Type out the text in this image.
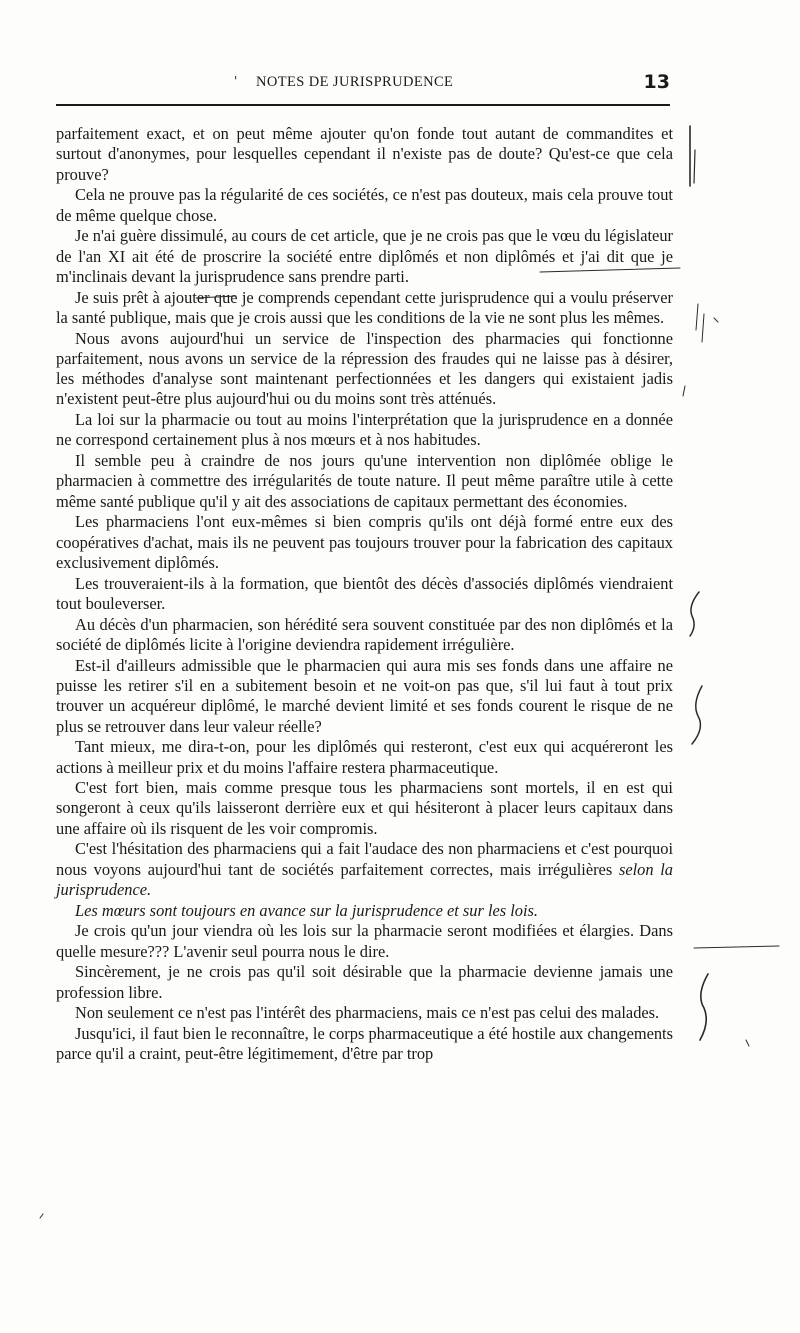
' NOTES DE JURISPRUDENCE	13

parfaitement exact, et on peut même ajouter qu'on fonde tout autant de commandites et surtout d'anonymes, pour lesquelles cependant il n'existe pas de doute? Qu'est-ce que cela prouve?

Cela ne prouve pas la régularité de ces sociétés, ce n'est pas douteux, mais cela prouve tout de même quelque chose.

Je n'ai guère dissimulé, au cours de cet article, que je ne crois pas que le vœu du législateur de l'an XI ait été de proscrire la société entre diplômés et non diplômés et j'ai dit que je m'inclinais devant la jurisprudence sans prendre parti.

Je suis prêt à ajouter que je comprends cependant cette jurisprudence qui a voulu préserver la santé publique, mais que je crois aussi que les conditions de la vie ne sont plus les mêmes.

Nous avons aujourd'hui un service de l'inspection des pharmacies qui fonctionne parfaitement, nous avons un service de la répression des fraudes qui ne laisse pas à désirer, les méthodes d'analyse sont maintenant perfectionnées et les dangers qui existaient jadis n'existent peut-être plus aujourd'hui ou du moins sont très atténués.

La loi sur la pharmacie ou tout au moins l'interprétation que la jurisprudence en a donnée ne correspond certainement plus à nos mœurs et à nos habitudes.

Il semble peu à craindre de nos jours qu'une intervention non diplômée oblige le pharmacien à commettre des irrégularités de toute nature. Il peut même paraître utile à cette même santé publique qu'il y ait des associations de capitaux permettant des économies.

Les pharmaciens l'ont eux-mêmes si bien compris qu'ils ont déjà formé entre eux des coopératives d'achat, mais ils ne peuvent pas toujours trouver pour la fabrication des capitaux exclusivement diplômés.

Les trouveraient-ils à la formation, que bientôt des décès d'associés diplômés viendraient tout bouleverser.

Au décès d'un pharmacien, son hérédité sera souvent constituée par des non diplômés et la société de diplômés licite à l'origine deviendra rapidement irrégulière.

Est-il d'ailleurs admissible que le pharmacien qui aura mis ses fonds dans une affaire ne puisse les retirer s'il en a subitement besoin et ne voit-on pas que, s'il lui faut à tout prix trouver un acquéreur diplômé, le marché devient limité et ses fonds courent le risque de ne plus se retrouver dans leur valeur réelle?

Tant mieux, me dira-t-on, pour les diplômés qui resteront, c'est eux qui acquéreront les actions à meilleur prix et du moins l'affaire restera pharmaceutique.

C'est fort bien, mais comme presque tous les pharmaciens sont mortels, il en est qui songeront à ceux qu'ils laisseront derrière eux et qui hésiteront à placer leurs capitaux dans une affaire où ils risquent de les voir compromis.

C'est l'hésitation des pharmaciens qui a fait l'audace des non pharmaciens et c'est pourquoi nous voyons aujourd'hui tant de sociétés parfaitement correctes, mais irrégulières selon la jurisprudence.

Les mœurs sont toujours en avance sur la jurisprudence et sur les lois.

Je crois qu'un jour viendra où les lois sur la pharmacie seront modifiées et élargies. Dans quelle mesure??? L'avenir seul pourra nous le dire.

Sincèrement, je ne crois pas qu'il soit désirable que la pharmacie devienne jamais une profession libre.

Non seulement ce n'est pas l'intérêt des pharmaciens, mais ce n'est pas celui des malades.

Jusqu'ici, il faut bien le reconnaître, le corps pharmaceutique a été hostile aux changements parce qu'il a craint, peut-être légitimement, d'être par trop
